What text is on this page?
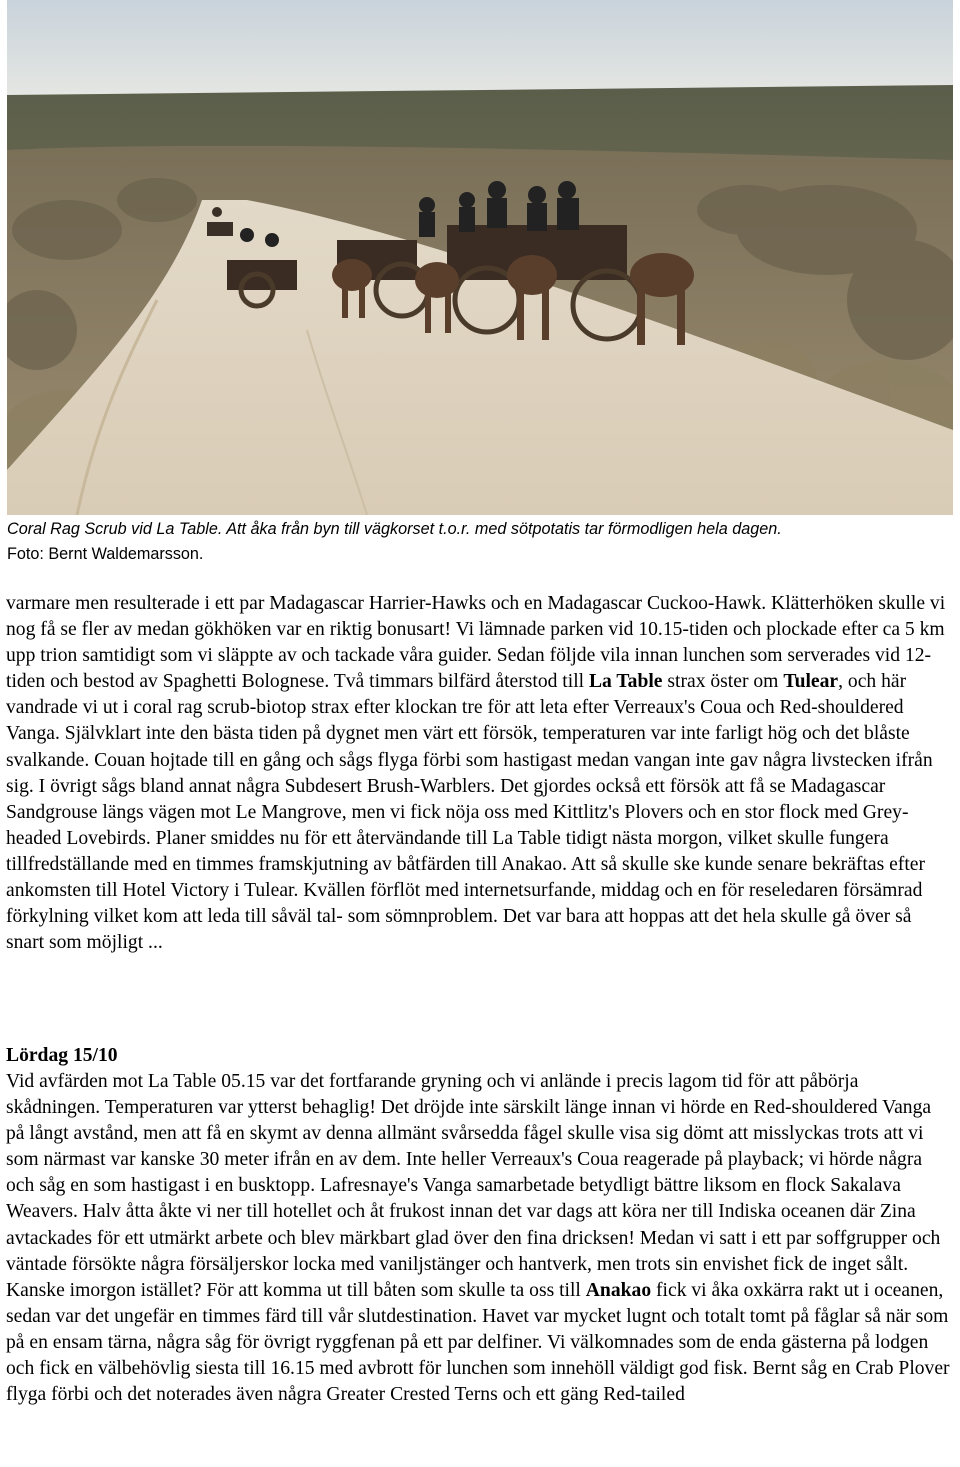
Coral Rag Scrub vid La Table. Att åka från byn till vägkorset t.o.r. med sötpotatis tar förmodligen hela dagen.
Foto: Bernt Waldemarsson.

varmare men resulterade i ett par Madagascar Harrier-Hawks och en Madagascar Cuckoo-Hawk. Klätterhöken skulle vi nog få se fler av medan gökhöken var en riktig bonusart! Vi lämnade parken vid 10.15-tiden och plockade efter ca 5 km upp trion samtidigt som vi släppte av och tackade våra guider. Sedan följde vila innan lunchen som serverades vid 12-tiden och bestod av Spaghetti Bolognese. Två timmars bilfärd återstod till La Table strax öster om Tulear, och här vandrade vi ut i coral rag scrub-biotop strax efter klockan tre för att leta efter Verreaux's Coua och Red-shouldered Vanga. Självklart inte den bästa tiden på dygnet men värt ett försök, temperaturen var inte farligt hög och det blåste svalkande. Couan hojtade till en gång och sågs flyga förbi som hastigast medan vangan inte gav några livstecken ifrån sig. I övrigt sågs bland annat några Subdesert Brush-Warblers. Det gjordes också ett försök att få se Madagascar Sandgrouse längs vägen mot Le Mangrove, men vi fick nöja oss med Kittlitz's Plovers och en stor flock med Grey-headed Lovebirds. Planer smiddes nu för ett återvändande till La Table tidigt nästa morgon, vilket skulle fungera tillfredställande med en timmes framskjutning av båtfärden till Anakao. Att så skulle ske kunde senare bekräftas efter ankomsten till Hotel Victory i Tulear. Kvällen förflöt med internetsurfande, middag och en för reseledaren försämrad förkylning vilket kom att leda till såväl tal- som sömnproblem. Det var bara att hoppas att det hela skulle gå över så snart som möjligt ...

Lördag 15/10

Vid avfärden mot La Table 05.15 var det fortfarande gryning och vi anlände i precis lagom tid för att påbörja skådningen. Temperaturen var ytterst behaglig! Det dröjde inte särskilt länge innan vi hörde en Red-shouldered Vanga på långt avstånd, men att få en skymt av denna allmänt svårsedda fågel skulle visa sig dömt att misslyckas trots att vi som närmast var kanske 30 meter ifrån en av dem. Inte heller Verreaux's Coua reagerade på playback; vi hörde några och såg en som hastigast i en busktopp. Lafresnaye's Vanga samarbetade betydligt bättre liksom en flock Sakalava Weavers. Halv åtta åkte vi ner till hotellet och åt frukost innan det var dags att köra ner till Indiska oceanen där Zina avtackades för ett utmärkt arbete och blev märkbart glad över den fina dricksen! Medan vi satt i ett par soffgrupper och väntade försökte några försäljerskor locka med vaniljstänger och hantverk, men trots sin envishet fick de inget sålt. Kanske imorgon istället? För att komma ut till båten som skulle ta oss till Anakao fick vi åka oxkärra rakt ut i oceanen, sedan var det ungefär en timmes färd till vår slutdestination. Havet var mycket lugnt och totalt tomt på fåglar så när som på en ensam tärna, några såg för övrigt ryggfenan på ett par delfiner. Vi välkomnades som de enda gästerna på lodgen och fick en välbehövlig siesta till 16.15 med avbrott för lunchen som innehöll väldigt god fisk. Bernt såg en Crab Plover flyga förbi och det noterades även några Greater Crested Terns och ett gäng Red-tailed
